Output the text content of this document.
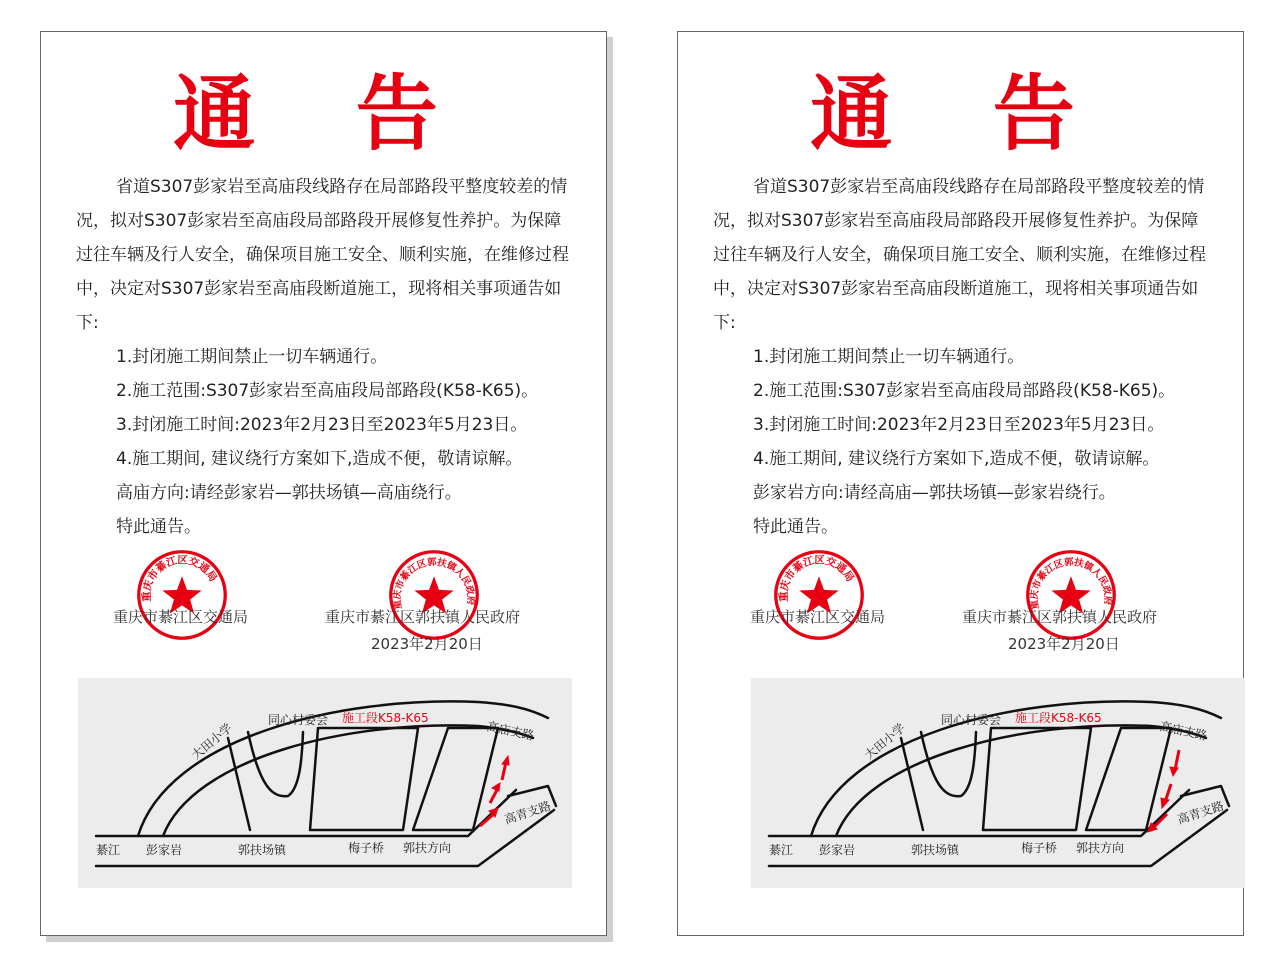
通 告

省道S307彭家岩至高庙段线路存在局部路段平整度较差的情况，拟对S307彭家岩至高庙段局部路段开展修复性养护。为保障过往车辆及行人安全，确保项目施工安全、顺利实施，在维修过程中，决定对S307彭家岩至高庙段断道施工，现将相关事项通告如下:

1.封闭施工期间禁止一切车辆通行。

2.施工范围:S307彭家岩至高庙段局部路段(K58-K65)。

3.封闭施工时间:2023年2月23日至2023年5月23日。

4.施工期间, 建议绕行方案如下,造成不便，敬请谅解。

高庙方向:请经彭家岩—郭扶场镇—高庙绕行。

特此通告。

重庆市綦江区交通局
重庆市綦江区郭扶镇人民政府
重庆市綦江区交通局	重庆市綦江区郭扶镇人民政府
2023年2月20日
綦江 彭家岩	郭扶场镇	梅子桥 郭扶方向
高青支路
高庙支路
同心村委会
大田小学
施工段K58-K65
通 告

省道S307彭家岩至高庙段线路存在局部路段平整度较差的情况，拟对S307彭家岩至高庙段局部路段开展修复性养护。为保障过往车辆及行人安全，确保项目施工安全、顺利实施，在维修过程中，决定对S307彭家岩至高庙段断道施工，现将相关事项通告如下:

1.封闭施工期间禁止一切车辆通行。

2.施工范围:S307彭家岩至高庙段局部路段(K58-K65)。

3.封闭施工时间:2023年2月23日至2023年5月23日。

4.施工期间, 建议绕行方案如下,造成不便，敬请谅解。

彭家岩方向:请经高庙—郭扶场镇—彭家岩绕行。

特此通告。

重庆市綦江区交通局
重庆市綦江区郭扶镇人民政府
重庆市綦江区交通局	重庆市綦江区郭扶镇人民政府
2023年2月20日
綦江 彭家岩	郭扶场镇	梅子桥 郭扶方向
高青支路
高庙支路
同心村委会
大田小学
施工段K58-K65
